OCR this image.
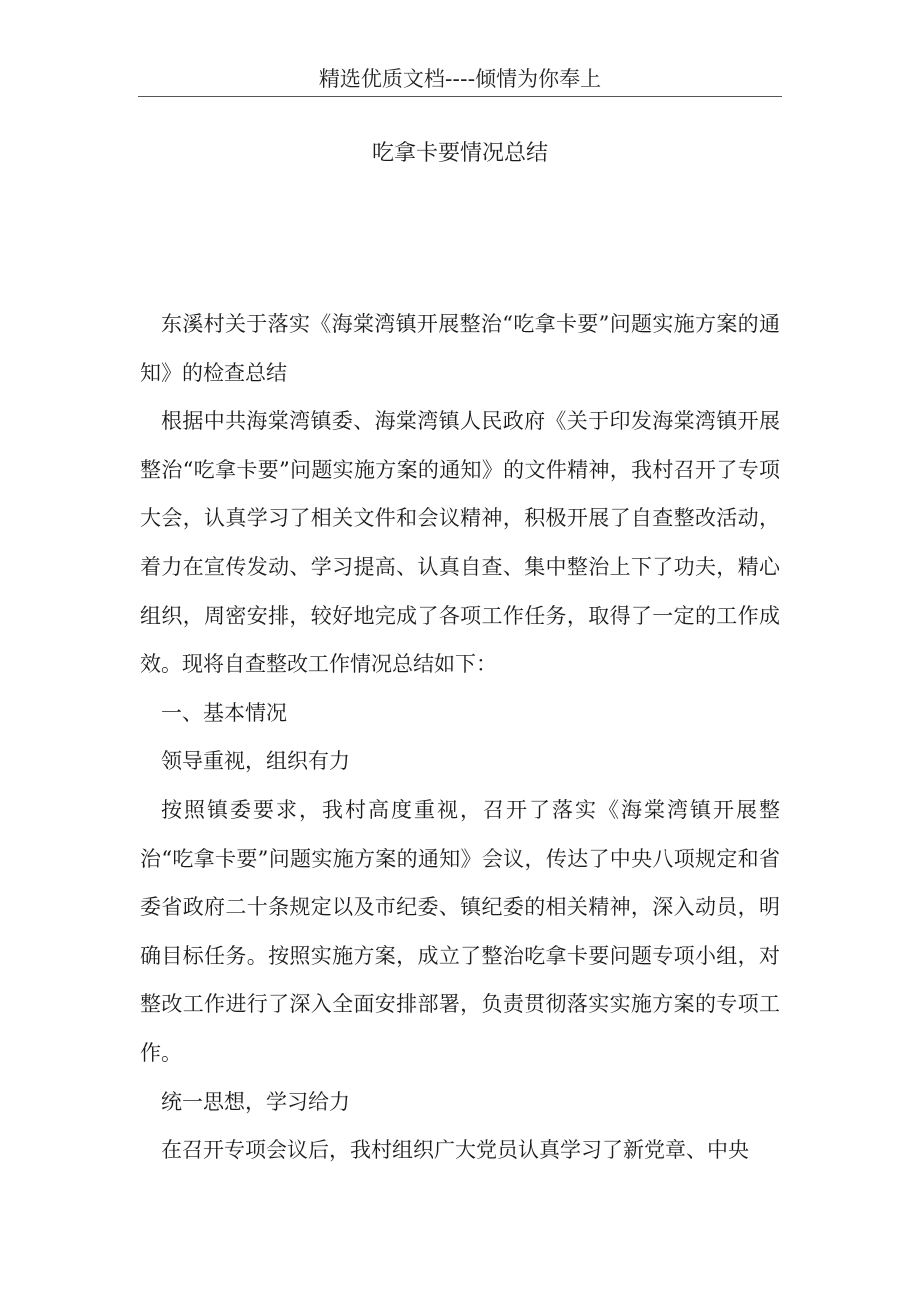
精选优质文档----倾情为你奉上
吃拿卡要情况总结

东溪村关于落实《海棠湾镇开展整治“吃拿卡要”问题实施方案的通知》的检查总结

根据中共海棠湾镇委、海棠湾镇人民政府《关于印发海棠湾镇开展整治“吃拿卡要”问题实施方案的通知》的文件精神，我村召开了专项大会，认真学习了相关文件和会议精神，积极开展了自查整改活动，着力在宣传发动、学习提高、认真自查、集中整治上下了功夫，精心组织，周密安排，较好地完成了各项工作任务，取得了一定的工作成效。现将自查整改工作情况总结如下：

一、基本情况

领导重视，组织有力

按照镇委要求，我村高度重视，召开了落实《海棠湾镇开展整治“吃拿卡要”问题实施方案的通知》会议，传达了中央八项规定和省委省政府二十条规定以及市纪委、镇纪委的相关精神，深入动员，明确目标任务。按照实施方案，成立了整治吃拿卡要问题专项小组，对整改工作进行了深入全面安排部署，负责贯彻落实实施方案的专项工作。

统一思想，学习给力

在召开专项会议后，我村组织广大党员认真学习了新党章、中央
